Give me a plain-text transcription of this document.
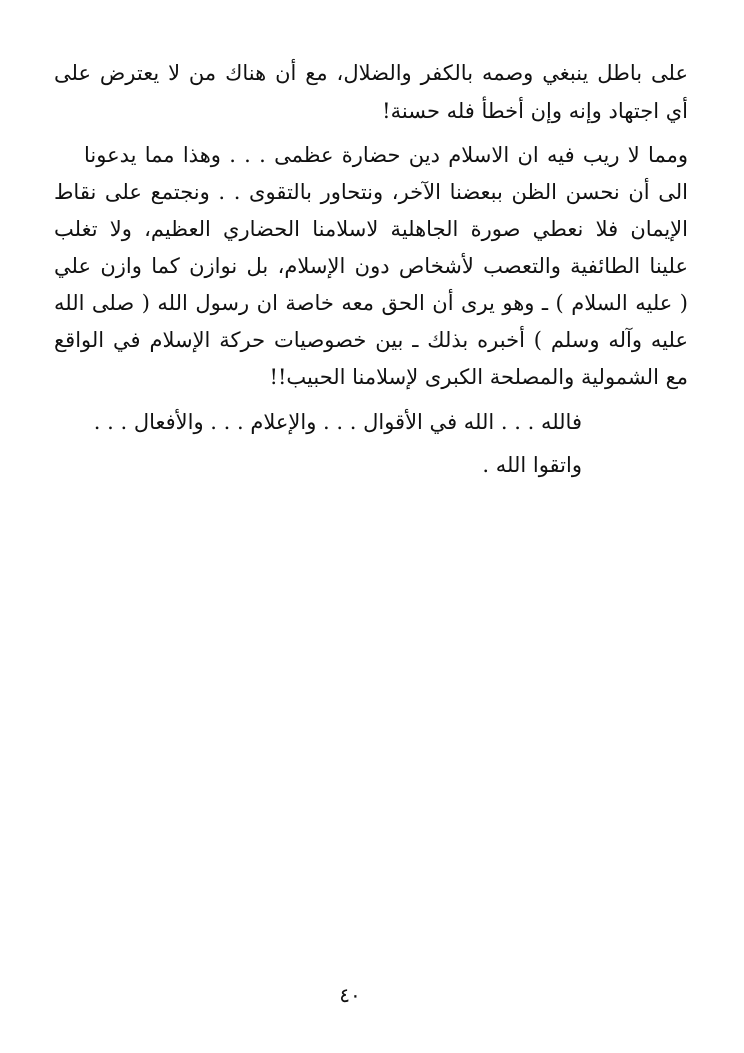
على باطل ينبغي وصمه بالكفر والضلال، مع أن هناك من لا يعترض على
أي اجتهاد وإنه وإن أخطأ فله حسنة!
ومما لا ريب فيه ان الاسلام دين حضارة عظمى . . . وهذا مما يدعونا
الى أن نحسن الظن ببعضنا الآخر، ونتحاور بالتقوى . . ونجتمع على نقاط
الإيمان فلا نعطي صورة الجاهلية لاسلامنا الحضاري العظيم، ولا تغلب
علينا الطائفية والتعصب لأشخاص دون الإسلام، بل نوازن كما وازن علي
( عليه السلام ) ـ وهو يرى أن الحق معه خاصة ان رسول الله ( صلى الله
عليه وآله وسلم ) أخبره بذلك ـ بين خصوصيات حركة الإسلام في الواقع
مع الشمولية والمصلحة الكبرى لإسلامنا الحبيب!!
فالله . . . الله في الأقوال . . . والإعلام . . . والأفعال . . .
واتقوا الله .
٤٠
